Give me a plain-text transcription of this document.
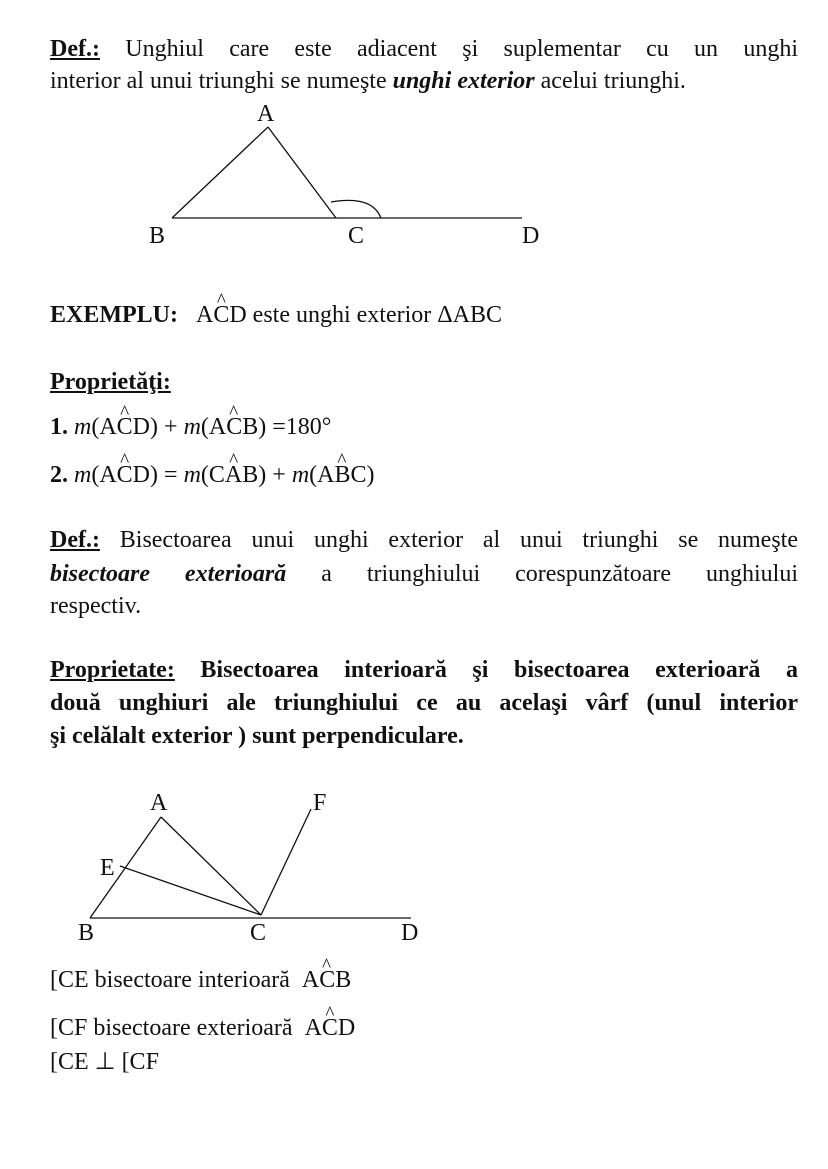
Def.: Unghiul care este adiacent şi suplementar cu un unghi
interior al unui triunghi se numeşte unghi exterior acelui triunghi.
A
B	C	D
A	F
E
B	C	D
EXEMPLU: ^ ACD este unghi exterior ΔABC
Proprietăţi:
1. m(^ ACD) + m(^ ACB) =180°
2. m(^ ACD) = m(^ CAB) + m(^ ABC)
Def.: Bisectoarea unui unghi exterior al unui triunghi se numeşte
bisectoare exterioară a triunghiului corespunzătoare unghiului
respectiv.
Proprietate: Bisectoarea interioară şi bisectoarea exterioară a
două unghiuri ale triunghiului ce au acelaşi vârf (unul interior
şi celălalt exterior ) sunt perpendiculare.
[CE bisectoare interioară ^ ACB
[CF bisectoare exterioară ^ ACD
[CE ⊥ [CF
